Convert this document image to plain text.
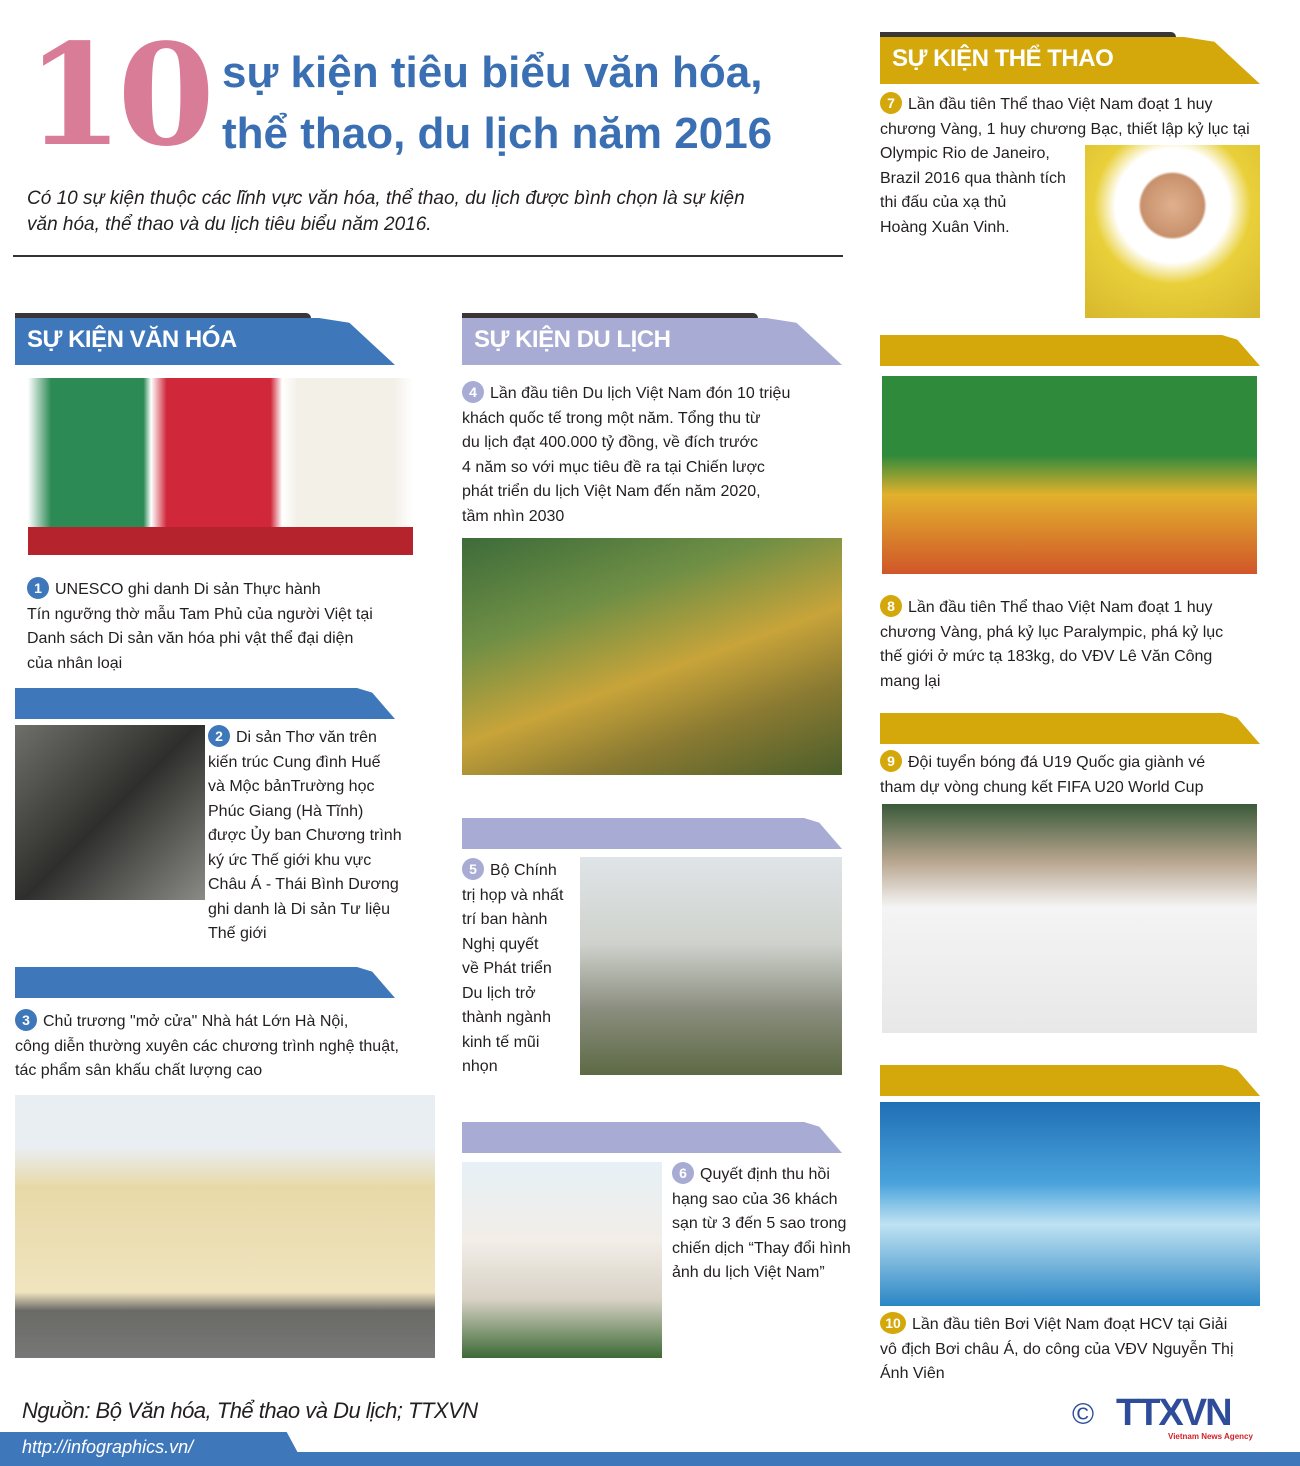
10 sự kiện tiêu biểu văn hóa,
thể thao, du lịch năm 2016
Có 10 sự kiện thuộc các lĩnh vực văn hóa, thể thao, du lịch được bình chọn là sự kiện
văn hóa, thể thao và du lịch tiêu biểu năm 2016.
SỰ KIỆN VĂN HÓA
1 UNESCO ghi danh Di sản Thực hành
Tín ngưỡng thờ mẫu Tam Phủ của người Việt tại
Danh sách Di sản văn hóa phi vật thể đại diện
của nhân loại
2 Di sản Thơ văn trên
kiến trúc Cung đình Huế
và Mộc bảnTrường học
Phúc Giang (Hà Tĩnh)
được Ủy ban Chương trình
ký ức Thế giới khu vực
Châu Á - Thái Bình Dương
ghi danh là Di sản Tư liệu
Thế giới
3 Chủ trương "mở cửa" Nhà hát Lớn Hà Nội,
công diễn thường xuyên các chương trình nghệ thuật,
tác phẩm sân khấu chất lượng cao
SỰ KIỆN DU LỊCH
4 Lần đầu tiên Du lịch Việt Nam đón 10 triệu
khách quốc tế trong một năm. Tổng thu từ
du lịch đạt 400.000 tỷ đồng, về đích trước
4 năm so với mục tiêu đề ra tại Chiến lược
phát triển du lịch Việt Nam đến năm 2020,
tầm nhìn 2030
5 Bộ Chính
trị họp và nhất
trí ban hành
Nghị quyết
về Phát triển
Du lịch trở
thành ngành
kinh tế mũi
nhọn
6 Quyết định thu hồi
hạng sao của 36 khách
sạn từ 3 đến 5 sao trong
chiến dịch “Thay đổi hình
ảnh du lịch Việt Nam”
SỰ KIỆN THỂ THAO
7 Lần đầu tiên Thể thao Việt Nam đoạt 1 huy
chương Vàng, 1 huy chương Bạc, thiết lập kỷ lục tại
Olympic Rio de Janeiro,
Brazil 2016 qua thành tích
thi đấu của xạ thủ
Hoàng Xuân Vinh.
8 Lần đầu tiên Thể thao Việt Nam đoạt 1 huy
chương Vàng, phá kỷ lục Paralympic, phá kỷ lục
thế giới ở mức tạ 183kg, do VĐV Lê Văn Công
mang lại
9 Đội tuyển bóng đá U19 Quốc gia giành vé
tham dự vòng chung kết FIFA U20 World Cup
10 Lần đầu tiên Bơi Việt Nam đoạt HCV tại Giải
vô địch Bơi châu Á, do công của VĐV Nguyễn Thị
Ánh Viên
Nguồn: Bộ Văn hóa, Thể thao và Du lịch; TTXVN
http://infographics.vn/
© TTXVN
Vietnam News Agency
